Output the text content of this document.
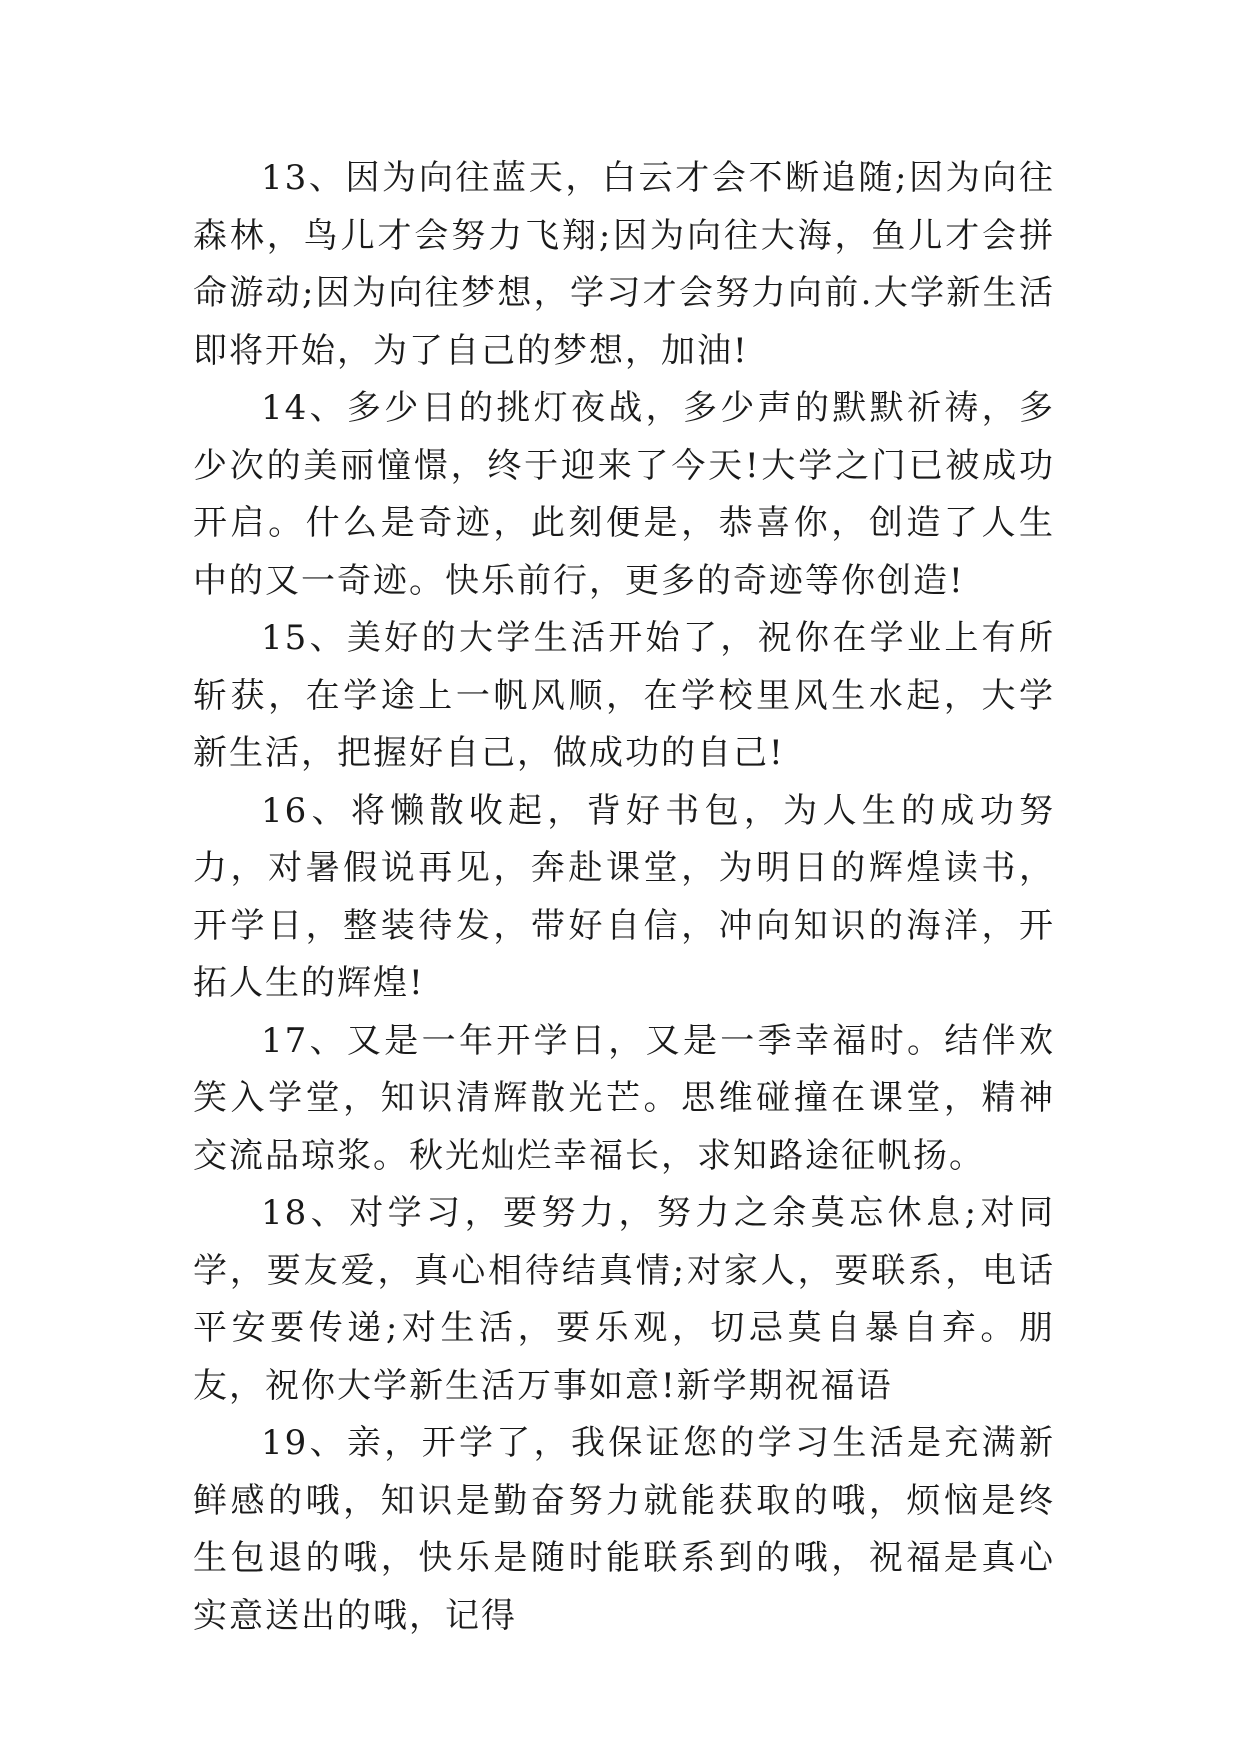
13、因为向往蓝天，白云才会不断追随;因为向往森林，鸟儿才会努力飞翔;因为向往大海，鱼儿才会拼命游动;因为向往梦想，学习才会努力向前.大学新生活即将开始，为了自己的梦想，加油!

14、多少日的挑灯夜战，多少声的默默祈祷，多少次的美丽憧憬，终于迎来了今天!大学之门已被成功开启。什么是奇迹，此刻便是，恭喜你，创造了人生中的又一奇迹。快乐前行，更多的奇迹等你创造!

15、美好的大学生活开始了，祝你在学业上有所斩获，在学途上一帆风顺，在学校里风生水起，大学新生活，把握好自己，做成功的自己!

16、将懒散收起，背好书包，为人生的成功努力，对暑假说再见，奔赴课堂，为明日的辉煌读书，开学日，整装待发，带好自信，冲向知识的海洋，开拓人生的辉煌!

17、又是一年开学日，又是一季幸福时。结伴欢笑入学堂，知识清辉散光芒。思维碰撞在课堂，精神交流品琼浆。秋光灿烂幸福长，求知路途征帆扬。

18、对学习，要努力，努力之余莫忘休息;对同学，要友爱，真心相待结真情;对家人，要联系，电话平安要传递;对生活，要乐观，切忌莫自暴自弃。朋友，祝你大学新生活万事如意!新学期祝福语

19、亲，开学了，我保证您的学习生活是充满新鲜感的哦，知识是勤奋努力就能获取的哦，烦恼是终生包退的哦，快乐是随时能联系到的哦，祝福是真心实意送出的哦，记得
